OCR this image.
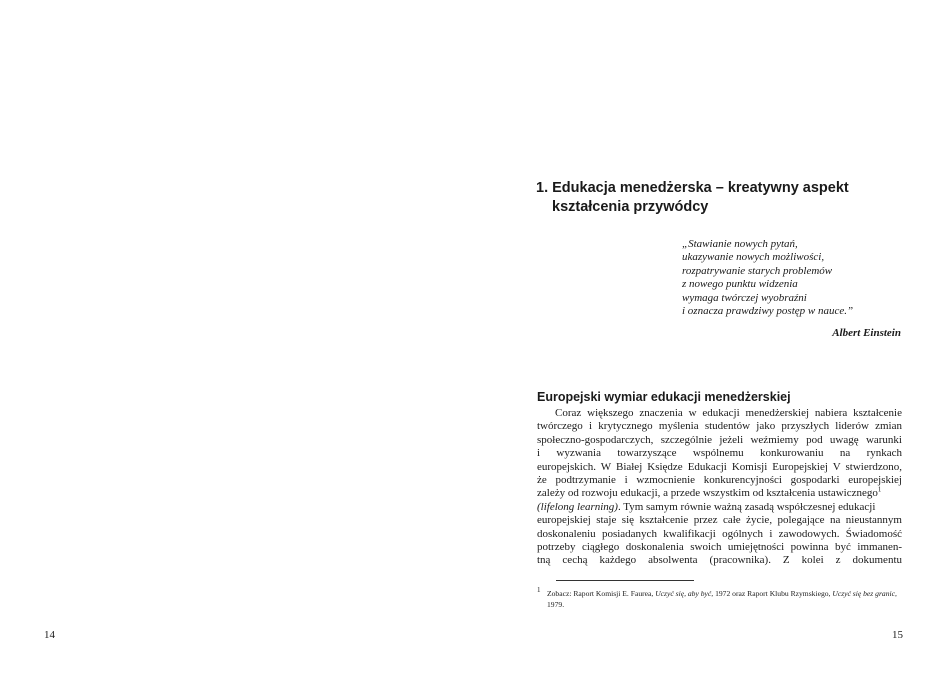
14	15
1. Edukacja menedżerska – kreatywny aspekt
kształcenia przywódcy
„Stawianie nowych pytań,
ukazywanie nowych możliwości,
rozpatrywanie starych problemów
z nowego punktu widzenia
wymaga twórczej wyobraźni
i oznacza prawdziwy postęp w nauce.”
Albert Einstein
Europejski wymiar edukacji menedżerskiej
Coraz większego znaczenia w edukacji menedżerskiej nabiera kształcenie
twórczego i krytycznego myślenia studentów jako przyszłych liderów zmian
społeczno-gospodarczych, szczególnie jeżeli weźmiemy pod uwagę warunki
i wyzwania towarzyszące wspólnemu konkurowaniu na rynkach
europejskich. W Białej Księdze Edukacji Komisji Europejskiej V stwierdzono,
że podtrzymanie i wzmocnienie konkurencyjności gospodarki europejskiej
zależy od rozwoju edukacji, a przede wszystkim od kształcenia ustawicznego$^1$
(lifelong learning). Tym samym równie ważną zasadą współczesnej edukacji
europejskiej staje się kształcenie przez całe życie, polegające na nieustannym
doskonaleniu posiadanych kwalifikacji ogólnych i zawodowych. Świadomość
potrzeby ciągłego doskonalenia swoich umiejętności powinna być immanen-
tną cechą każdego absolwenta (pracownika). Z kolei z dokumentu
1 Zobacz: Raport Komisji E. Faurea, Uczyć się, aby być, 1972 oraz Raport Klubu Rzymskiego, Uczyć się bez granic,
1979.
